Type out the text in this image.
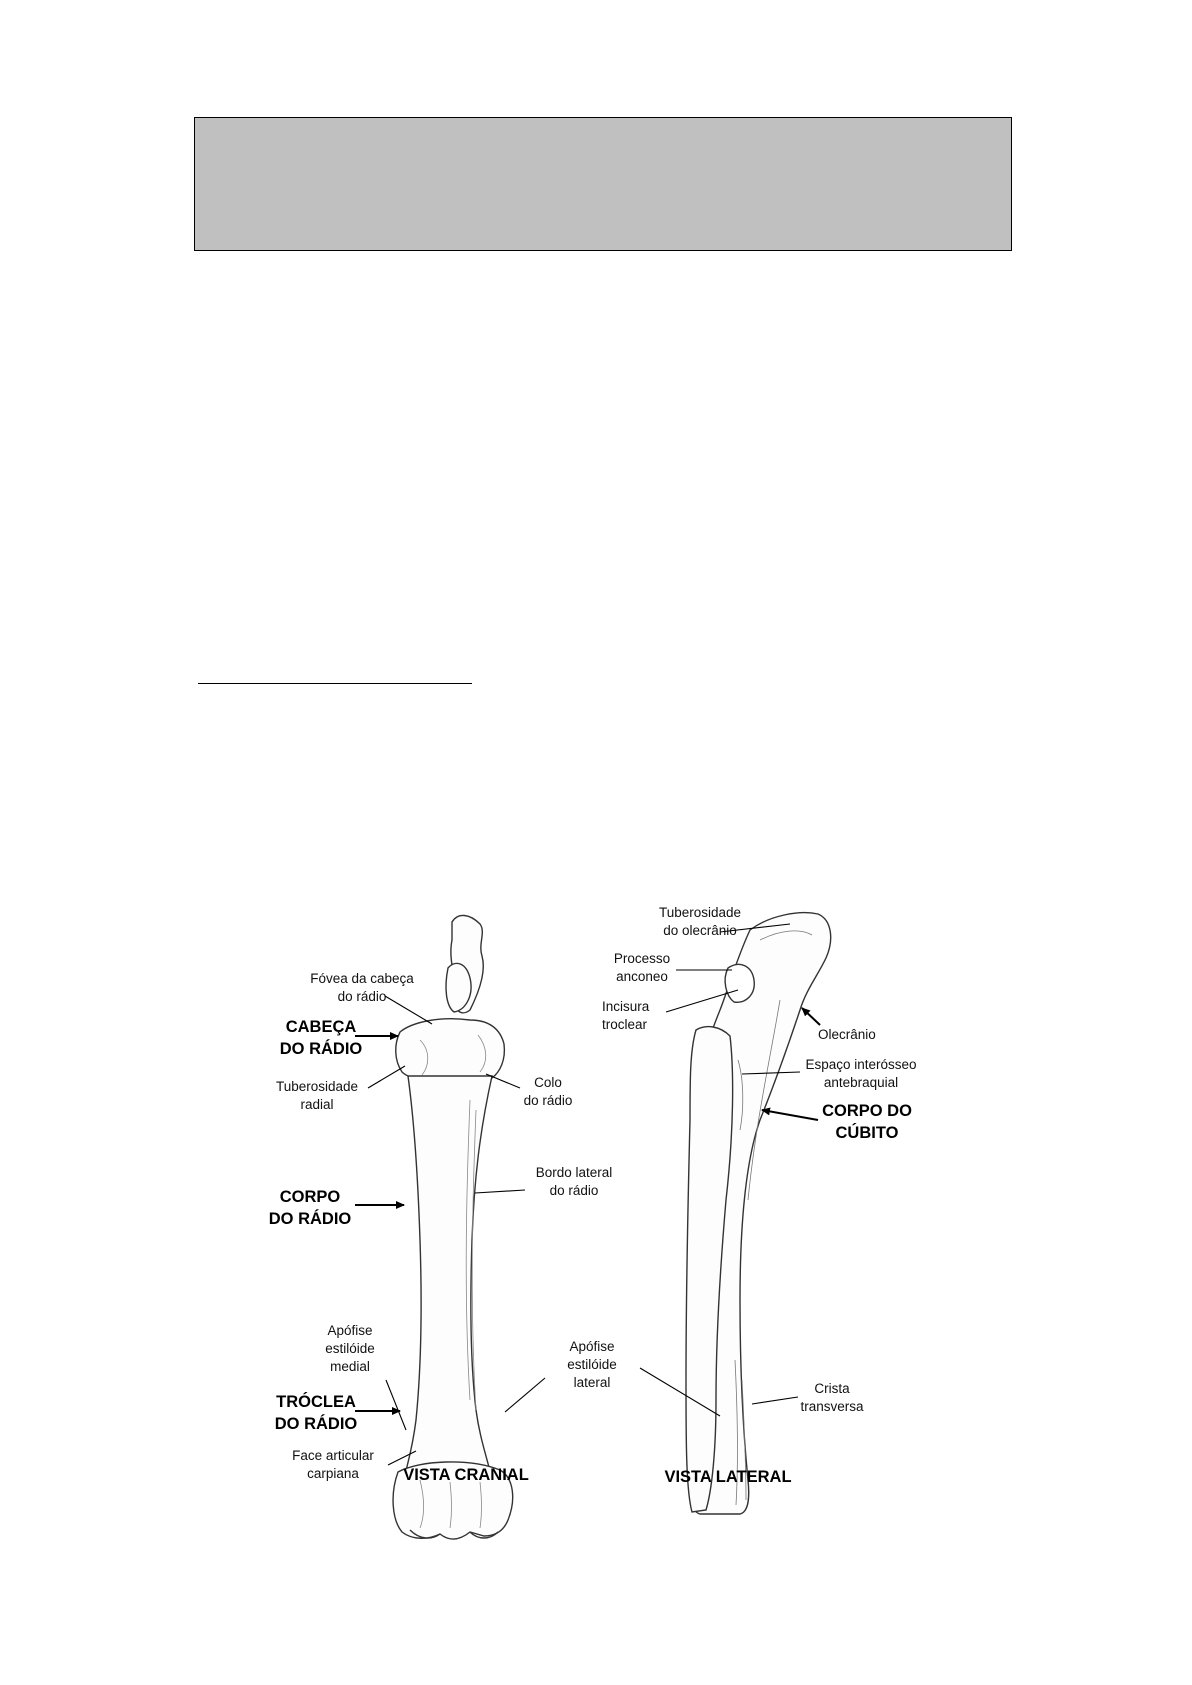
Fóvea da cabeça
do rádio
CABEÇA
DO RÁDIO
Tuberosidade
radial
Colo
do rádio
Bordo lateral
do rádio
CORPO
DO RÁDIO
Apófise
estilóide
medial
TRÓCLEA
DO RÁDIO
Apófise
estilóide
lateral
Face articular
carpiana	VISTA CRANIAL
Tuberosidade
do olecrânio
Processo
anconeo
Incisura
troclear
Olecrânio
Espaço interósseo
antebraquial
CORPO DO
CÚBITO
Crista
transversa
VISTA LATERAL
